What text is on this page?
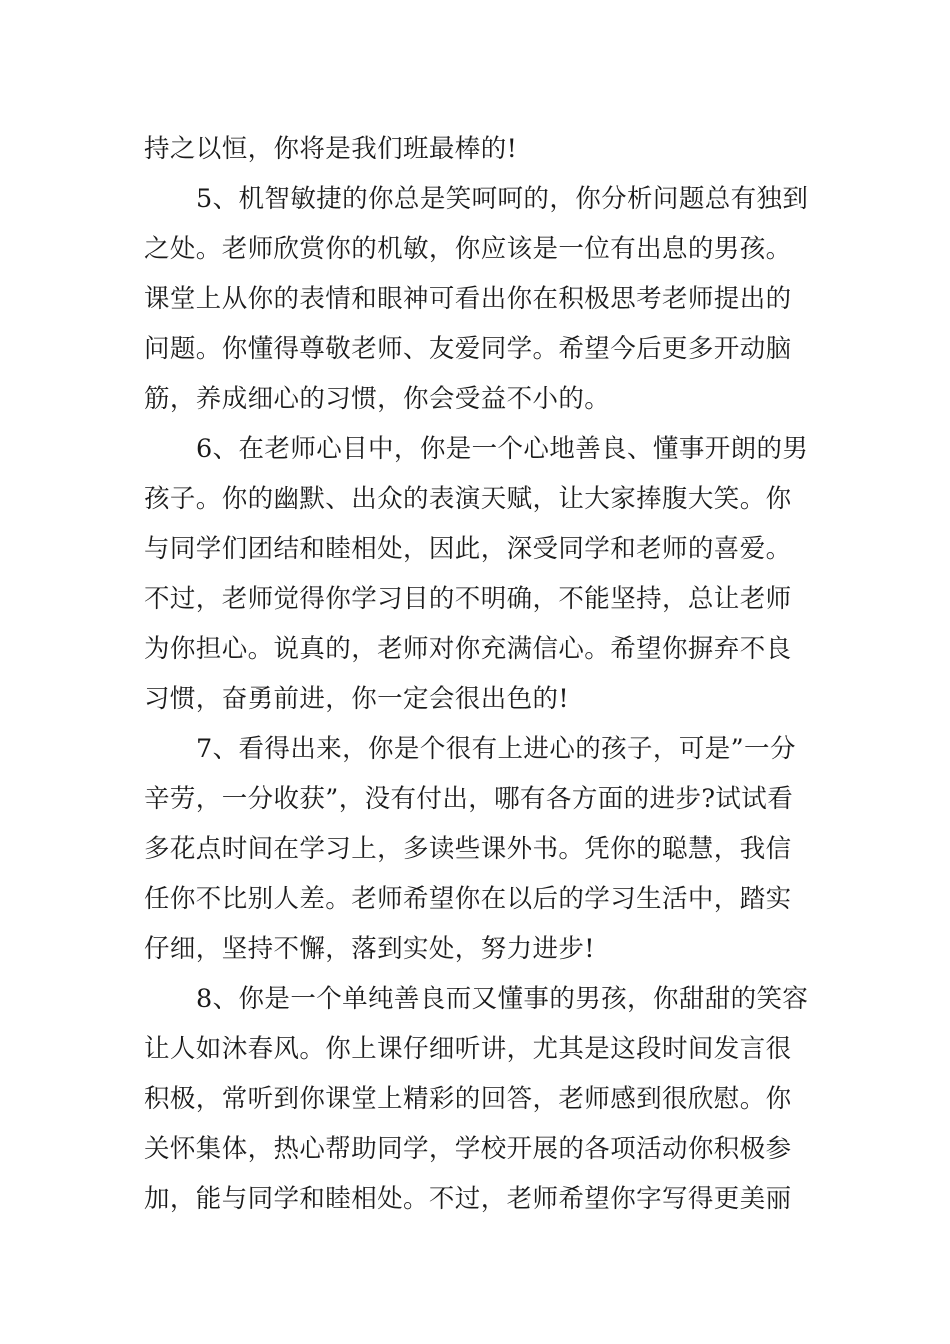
持之以恒，你将是我们班最棒的!
5、机智敏捷的你总是笑呵呵的，你分析问题总有独到
之处。老师欣赏你的机敏，你应该是一位有出息的男孩。
课堂上从你的表情和眼神可看出你在积极思考老师提出的
问题。你懂得尊敬老师、友爱同学。希望今后更多开动脑
筋，养成细心的习惯，你会受益不小的。
6、在老师心目中，你是一个心地善良、懂事开朗的男
孩子。你的幽默、出众的表演天赋，让大家捧腹大笑。你
与同学们团结和睦相处，因此，深受同学和老师的喜爱。
不过，老师觉得你学习目的不明确，不能坚持，总让老师
为你担心。说真的，老师对你充满信心。希望你摒弃不良
习惯，奋勇前进，你一定会很出色的!
7、看得出来，你是个很有上进心的孩子，可是”一分
辛劳，一分收获”，没有付出，哪有各方面的进步?试试看
多花点时间在学习上，多读些课外书。凭你的聪慧，我信
任你不比别人差。老师希望你在以后的学习生活中，踏实
仔细，坚持不懈，落到实处，努力进步!
8、你是一个单纯善良而又懂事的男孩，你甜甜的笑容
让人如沐春风。你上课仔细听讲，尤其是这段时间发言很
积极，常听到你课堂上精彩的回答，老师感到很欣慰。你
关怀集体，热心帮助同学，学校开展的各项活动你积极参
加，能与同学和睦相处。不过，老师希望你字写得更美丽
